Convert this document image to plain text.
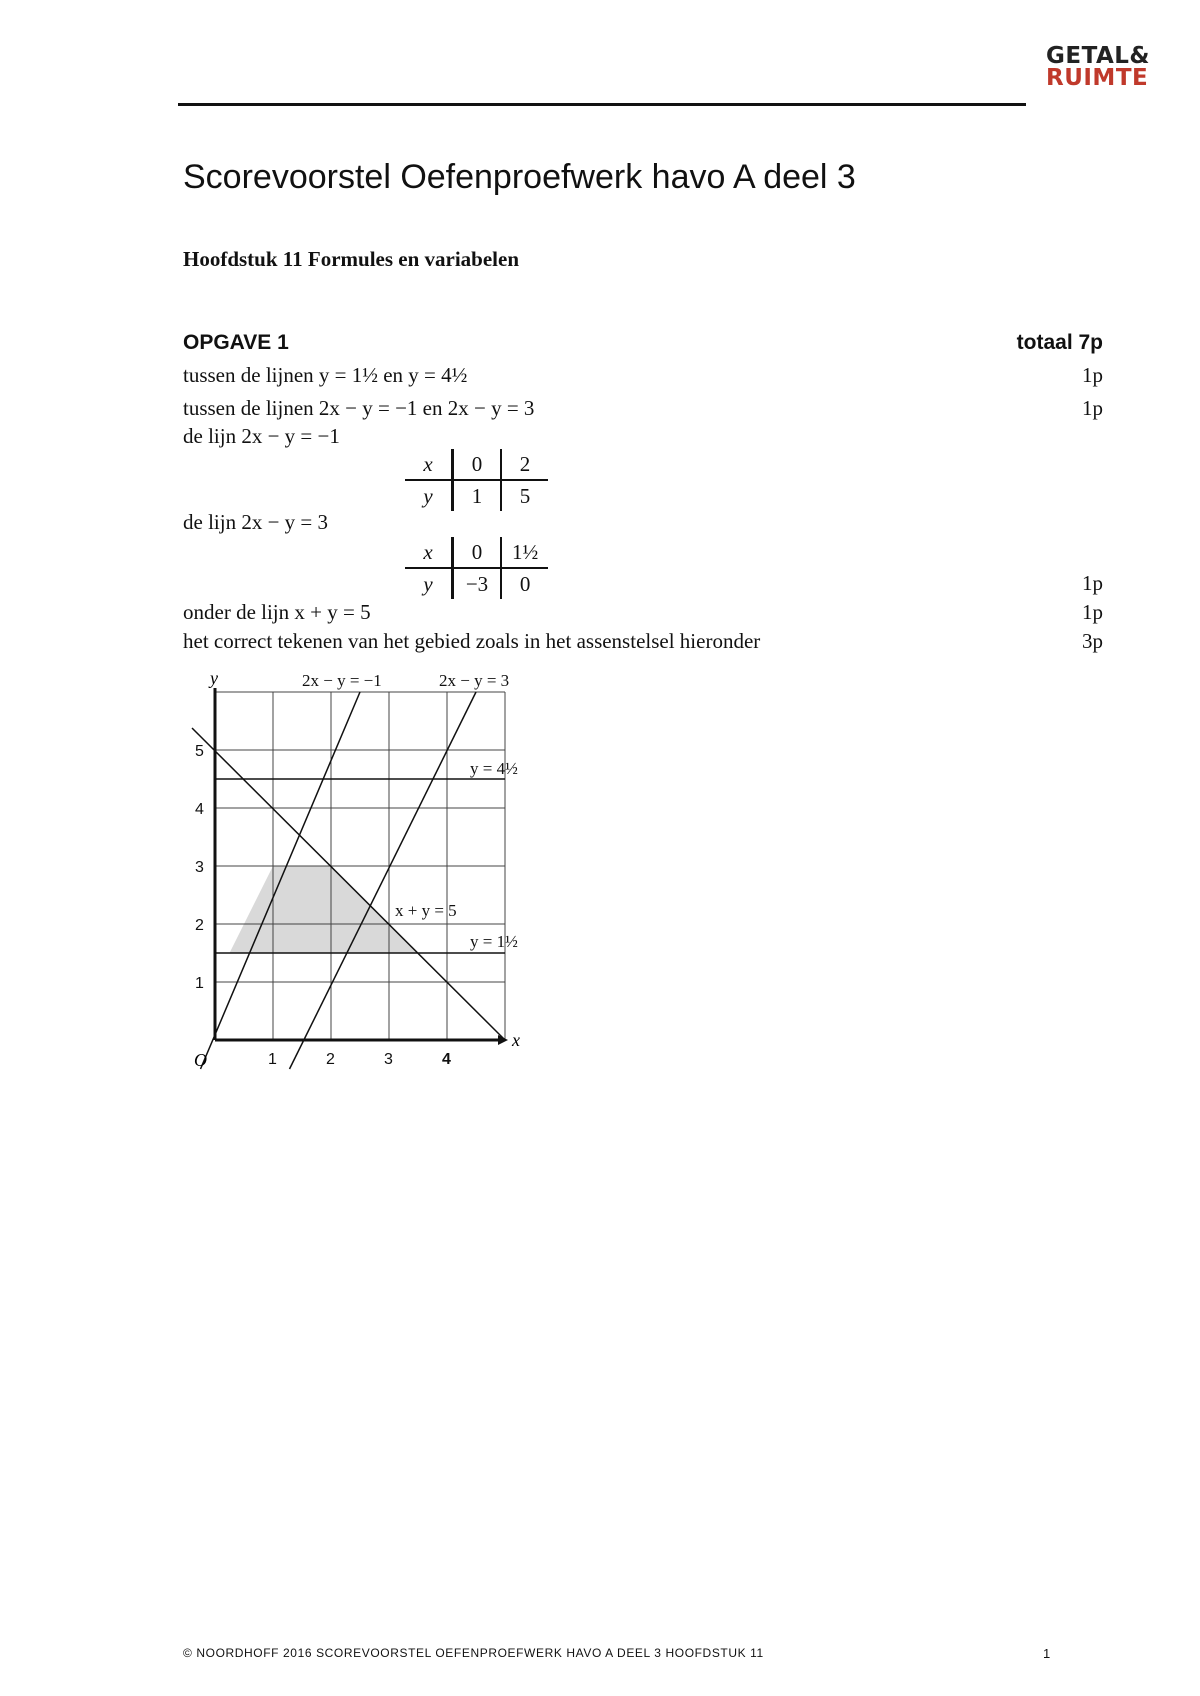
GETAL&
RUIMTE
Scorevoorstel Oefenproefwerk havo A deel 3
Hoofdstuk 11 Formules en variabelen
OPGAVE 1	totaal 7p
tussen de lijnen y = 1½ en y = 4½	1p
tussen de lijnen 2x − y = −1 en 2x − y = 3	1p
de lijn 2x − y = −1
x	0	2
y	1	5
de lijn 2x − y = 3
x	0	1½
y	−3	0	1p
onder de lijn x + y = 5	1p
het correct tekenen van het gebied zoals in het assenstelsel hieronder	3p
y
x
O	1	2	3	4
1
2
3
4
5
2x − y = −1	2x − y = 3
y = 4½
x + y = 5
y = 1½
© NOORDHOFF 2016 SCOREVOORSTEL OEFENPROEFWERK HAVO A DEEL 3 HOOFDSTUK 11	1
